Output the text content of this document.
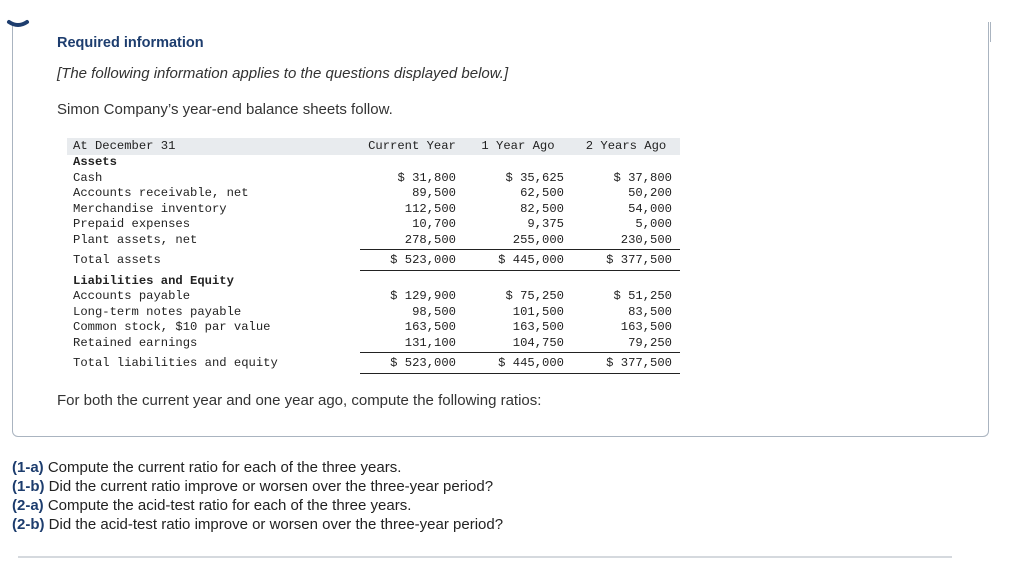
Required information
[The following information applies to the questions displayed below.]
Simon Company’s year-end balance sheets follow.
At December 31	Current Year	1 Year Ago	2 Years Ago
Assets			
Cash	$ 31,800	$ 35,625	$ 37,800
Accounts receivable, net	89,500	62,500	50,200
Merchandise inventory	112,500	82,500	54,000
Prepaid expenses	10,700	9,375	5,000
Plant assets, net	278,500	255,000	230,500
Total assets	$ 523,000	$ 445,000	$ 377,500

Liabilities and Equity			
Accounts payable	$ 129,900	$ 75,250	$ 51,250
Long-term notes payable	98,500	101,500	83,500
Common stock, $10 par value	163,500	163,500	163,500
Retained earnings	131,100	104,750	79,250
Total liabilities and equity	$ 523,000	$ 445,000	$ 377,500
For both the current year and one year ago, compute the following ratios:
(1-a) Compute the current ratio for each of the three years.
(1-b) Did the current ratio improve or worsen over the three-year period?
(2-a) Compute the acid-test ratio for each of the three years.
(2-b) Did the acid-test ratio improve or worsen over the three-year period?
